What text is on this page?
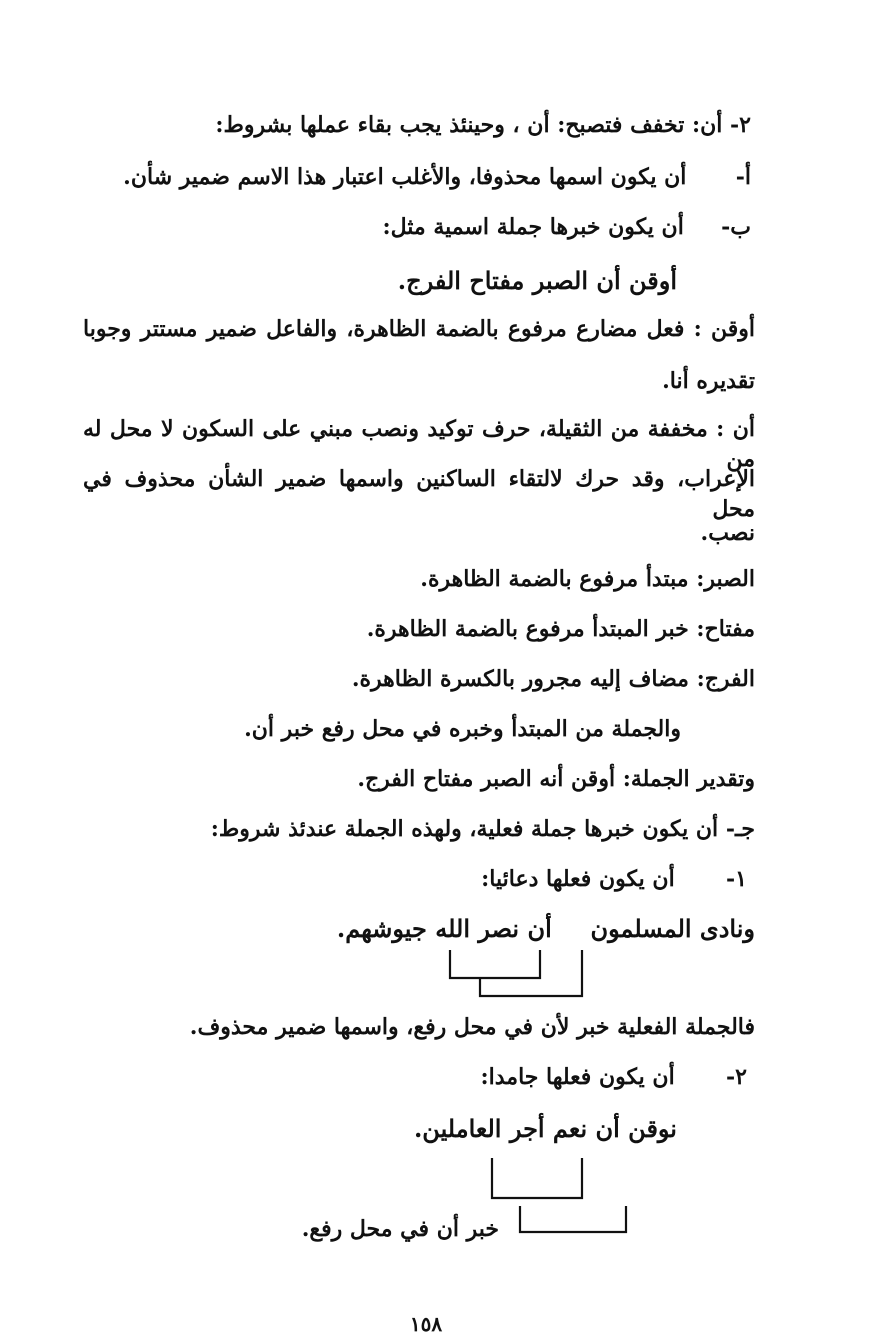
٢- أن: تخفف فتصبح: أن ، وحينئذ يجب بقاء عملها بشروط:
أ-  أن يكون اسمها محذوفا، والأغلب اعتبار هذا الاسم ضمير شأن.
ب-  أن يكون خبرها جملة اسمية مثل:
أوقن أن الصبر مفتاح الفرج.
أوقن : فعل مضارع مرفوع بالضمة الظاهرة، والفاعل ضمير مستتر وجوبا
تقديره أنا.
أن : مخففة من الثقيلة، حرف توكيد ونصب مبني على السكون لا محل له من
الإعراب، وقد حرك لالتقاء الساكنين واسمها ضمير الشأن محذوف في محل
نصب.
الصبر: مبتدأ مرفوع بالضمة الظاهرة.
مفتاح: خبر المبتدأ مرفوع بالضمة الظاهرة.
الفرج: مضاف إليه مجرور بالكسرة الظاهرة.
والجملة من المبتدأ وخبره في محل رفع خبر أن.
وتقدير الجملة: أوقن أنه الصبر مفتاح الفرج.
جـ- أن يكون خبرها جملة فعلية، ولهذه الجملة عندئذ شروط:
١-  أن يكون فعلها دعائيا:
ونادى المسلمون  أن نصر الله جيوشهم.
فالجملة الفعلية خبر لأن في محل رفع، واسمها ضمير محذوف.
٢-  أن يكون فعلها جامدا:
نوقن أن نعم أجر العاملين.
خبر أن في محل رفع.
١٥٨
